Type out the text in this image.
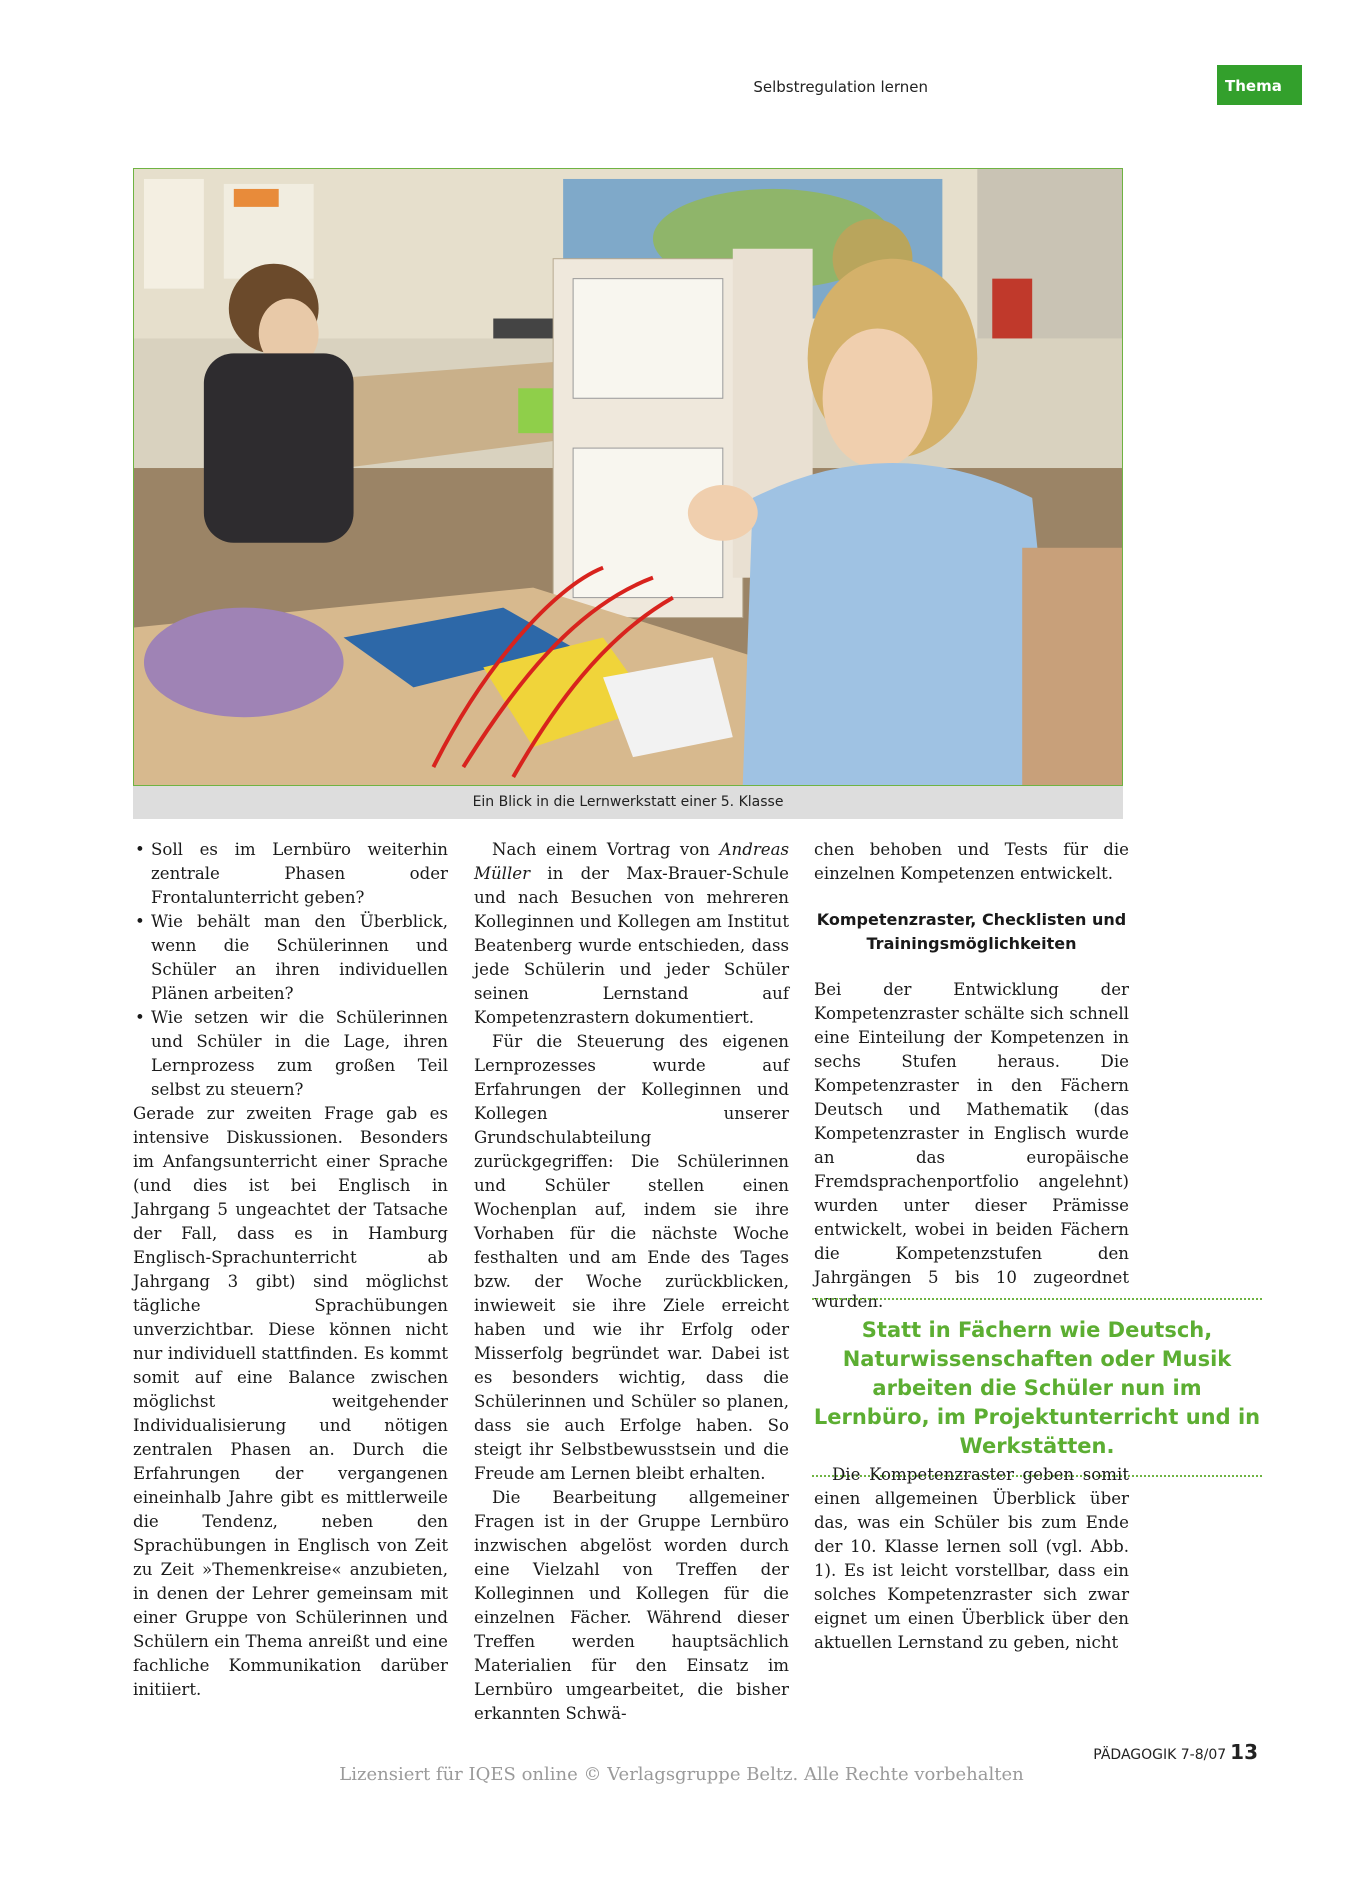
Selbstregulation lernen	Thema
Ein Blick in die Lernwerkstatt einer 5. Klasse
• Soll es im Lernbüro weiterhin zentrale Phasen oder Frontalunterricht geben?
• Wie behält man den Überblick, wenn die Schülerinnen und Schüler an ihren individuellen Plänen arbeiten?
• Wie setzen wir die Schülerinnen und Schüler in die Lage, ihren Lernprozess zum großen Teil selbst zu steuern?

Gerade zur zweiten Frage gab es intensive Diskussionen. Besonders im Anfangsunterricht einer Sprache (und dies ist bei Englisch in Jahrgang 5 ungeachtet der Tatsache der Fall, dass es in Hamburg Englisch-Sprachunterricht ab Jahrgang 3 gibt) sind möglichst tägliche Sprachübungen unverzichtbar. Diese können nicht nur individuell stattfinden. Es kommt somit auf eine Balance zwischen möglichst weitgehender Individualisierung und nötigen zentralen Phasen an. Durch die Erfahrungen der vergangenen eineinhalb Jahre gibt es mittlerweile die Tendenz, neben den Sprachübungen in Englisch von Zeit zu Zeit »Themenkreise« anzubieten, in denen der Lehrer gemeinsam mit einer Gruppe von Schülerinnen und Schülern ein Thema anreißt und eine fachliche Kommunikation darüber initiiert.

Nach einem Vortrag von Andreas Müller in der Max-Brauer-Schule und nach Besuchen von mehreren Kolleginnen und Kollegen am Institut Beatenberg wurde entschieden, dass jede Schülerin und jeder Schüler seinen Lernstand auf Kompetenzrastern dokumentiert.

Für die Steuerung des eigenen Lernprozesses wurde auf Erfahrungen der Kolleginnen und Kollegen unserer Grundschulabteilung zurückgegriffen: Die Schülerinnen und Schüler stellen einen Wochenplan auf, indem sie ihre Vorhaben für die nächste Woche festhalten und am Ende des Tages bzw. der Woche zurückblicken, inwieweit sie ihre Ziele erreicht haben und wie ihr Erfolg oder Misserfolg begründet war. Dabei ist es besonders wichtig, dass die Schülerinnen und Schüler so planen, dass sie auch Erfolge haben. So steigt ihr Selbstbewusstsein und die Freude am Lernen bleibt erhalten.

Die Bearbeitung allgemeiner Fragen ist in der Gruppe Lernbüro inzwischen abgelöst worden durch eine Vielzahl von Treffen der Kolleginnen und Kollegen für die einzelnen Fächer. Während dieser Treffen werden hauptsächlich Materialien für den Einsatz im Lernbüro umgearbeitet, die bisher erkannten Schwä-

chen behoben und Tests für die einzelnen Kompetenzen entwickelt.

Kompetenzraster, Checklisten und Trainingsmöglichkeiten

Bei der Entwicklung der Kompetenzraster schälte sich schnell eine Einteilung der Kompetenzen in sechs Stufen heraus. Die Kompetenzraster in den Fächern Deutsch und Mathematik (das Kompetenzraster in Englisch wurde an das europäische Fremdsprachenportfolio angelehnt) wurden unter dieser Prämisse entwickelt, wobei in beiden Fächern die Kompetenzstufen den Jahrgängen 5 bis 10 zugeordnet wurden.

Statt in Fächern wie Deutsch, Naturwissenschaften oder Musik arbeiten die Schüler nun im Lernbüro, im Projektunterricht und in Werkstätten.

Die Kompetenzraster geben somit einen allgemeinen Überblick über das, was ein Schüler bis zum Ende der 10. Klasse lernen soll (vgl. Abb. 1). Es ist leicht vorstellbar, dass ein solches Kompetenzraster sich zwar eignet um einen Überblick über den aktuellen Lernstand zu geben, nicht

PÄDAGOGIK 7-8/07 13
Lizensiert für IQES online © Verlagsgruppe Beltz. Alle Rechte vorbehalten
